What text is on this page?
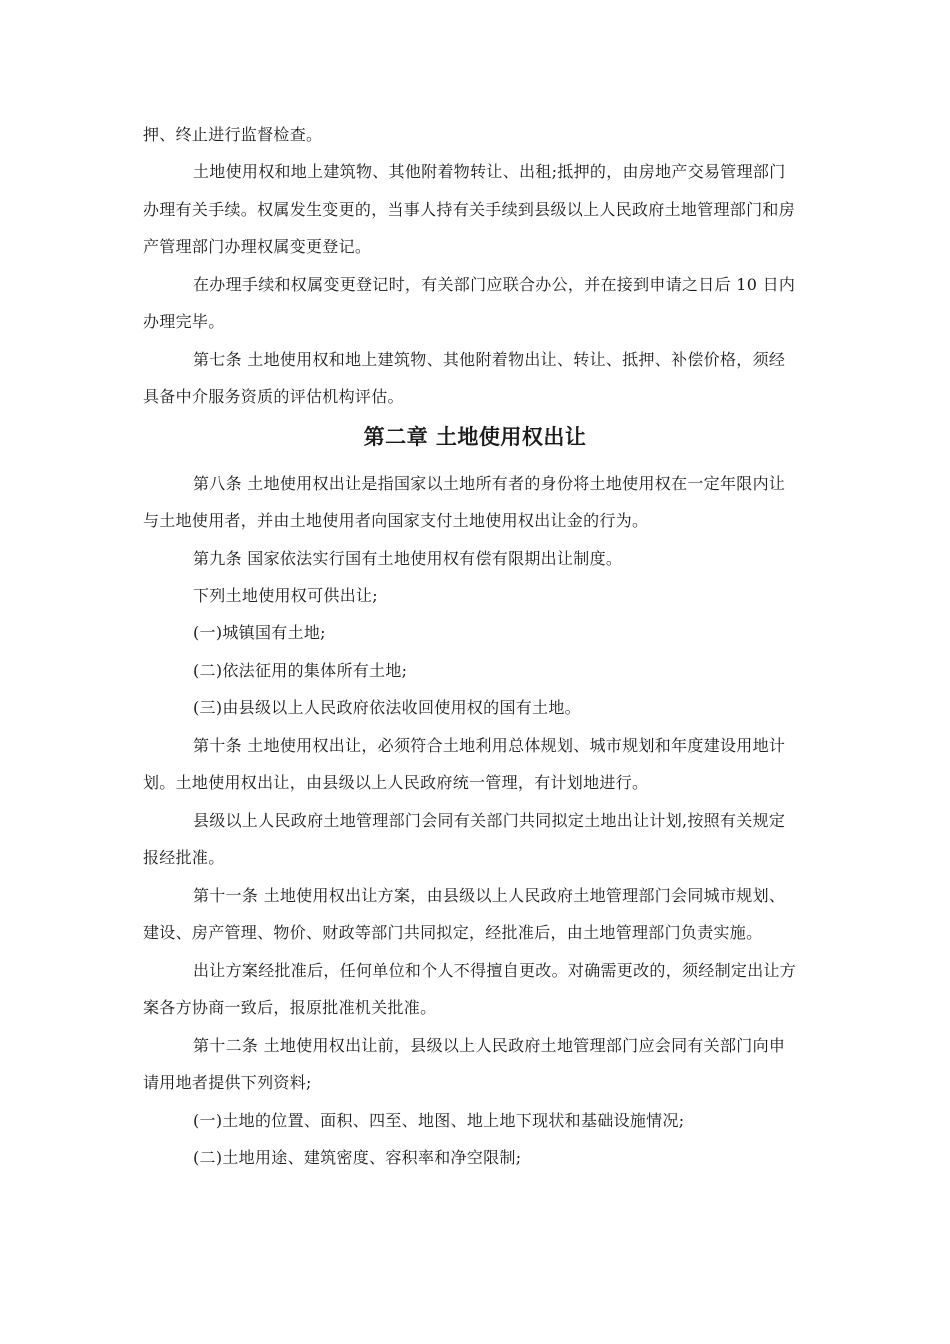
押、终止进行监督检查。

土地使用权和地上建筑物、其他附着物转让、出租;抵押的，由房地产交易管理部门

办理有关手续。权属发生变更的，当事人持有关手续到县级以上人民政府土地管理部门和房

产管理部门办理权属变更登记。

在办理手续和权属变更登记时，有关部门应联合办公，并在接到申请之日后 10 日内

办理完毕。

第七条 土地使用权和地上建筑物、其他附着物出让、转让、抵押、补偿价格，须经

具备中介服务资质的评估机构评估。

第二章 土地使用权出让

第八条 土地使用权出让是指国家以土地所有者的身份将土地使用权在一定年限内让

与土地使用者，并由土地使用者向国家支付土地使用权出让金的行为。

第九条 国家依法实行国有土地使用权有偿有限期出让制度。

下列土地使用权可供出让;

(一)城镇国有土地;

(二)依法征用的集体所有土地;

(三)由县级以上人民政府依法收回使用权的国有土地。

第十条 土地使用权出让，必须符合土地利用总体规划、城市规划和年度建设用地计

划。土地使用权出让，由县级以上人民政府统一管理，有计划地进行。

县级以上人民政府土地管理部门会同有关部门共同拟定土地出让计划,按照有关规定

报经批准。

第十一条 土地使用权出让方案，由县级以上人民政府土地管理部门会同城市规划、

建设、房产管理、物价、财政等部门共同拟定，经批准后，由土地管理部门负责实施。

出让方案经批准后，任何单位和个人不得擅自更改。对确需更改的，须经制定出让方

案各方协商一致后，报原批准机关批准。

第十二条 土地使用权出让前，县级以上人民政府土地管理部门应会同有关部门向申

请用地者提供下列资料;

(一)土地的位置、面积、四至、地图、地上地下现状和基础设施情况;

(二)土地用途、建筑密度、容积率和净空限制;
